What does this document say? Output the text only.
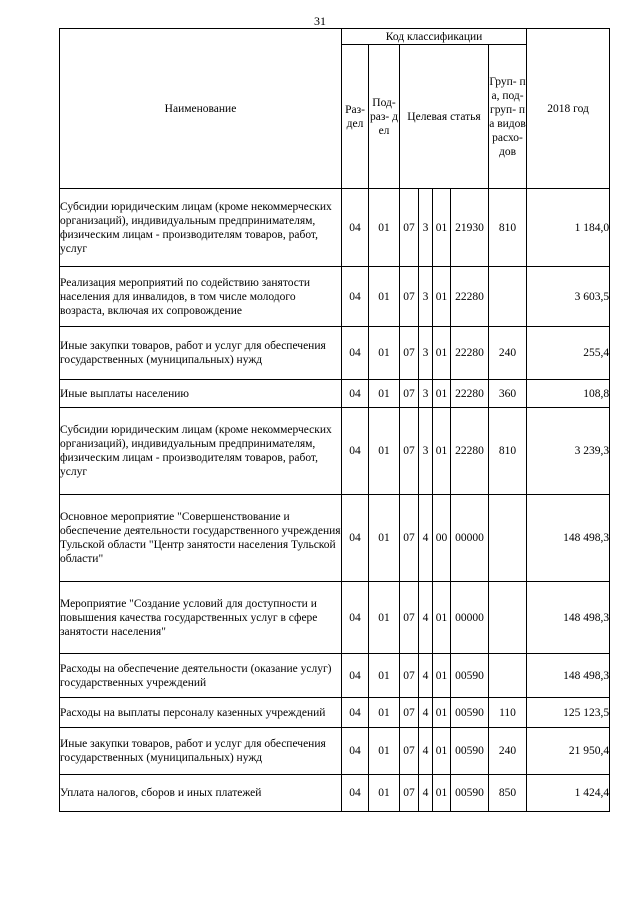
31
Наименование	Код классификации							2018 год
	Раз- дел	Под- раз- дел	Целевая статья				Груп- па, под- груп- па видов расхо- дов	
Субсидии юридическим лицам (кроме некоммерческих организаций), индивидуальным предпринимателям, физическим лицам - производителям товаров, работ, услуг	04	01	07	3	01	21930	810	1 184,0
Реализация мероприятий по содействию занятости населения для инвалидов, в том числе молодого возраста, включая их сопровождение	04	01	07	3	01	22280		3 603,5
Иные закупки товаров, работ и услуг для обеспечения государственных (муниципальных) нужд	04	01	07	3	01	22280	240	255,4
Иные выплаты населению	04	01	07	3	01	22280	360	108,8
Субсидии юридическим лицам (кроме некоммерческих организаций), индивидуальным предпринимателям, физическим лицам - производителям товаров, работ, услуг	04	01	07	3	01	22280	810	3 239,3
Основное мероприятие "Совершенствование и обеспечение деятельности государственного учреждения Тульской области "Центр занятости населения Тульской области"	04	01	07	4	00	00000		148 498,3
Мероприятие "Создание условий для доступности и повышения качества государственных услуг в сфере занятости населения"	04	01	07	4	01	00000		148 498,3
Расходы на обеспечение деятельности (оказание услуг) государственных учреждений	04	01	07	4	01	00590		148 498,3
Расходы на выплаты персоналу казенных учреждений	04	01	07	4	01	00590	110	125 123,5
Иные закупки товаров, работ и услуг для обеспечения государственных (муниципальных) нужд	04	01	07	4	01	00590	240	21 950,4
Уплата налогов, сборов и иных платежей	04	01	07	4	01	00590	850	1 424,4
